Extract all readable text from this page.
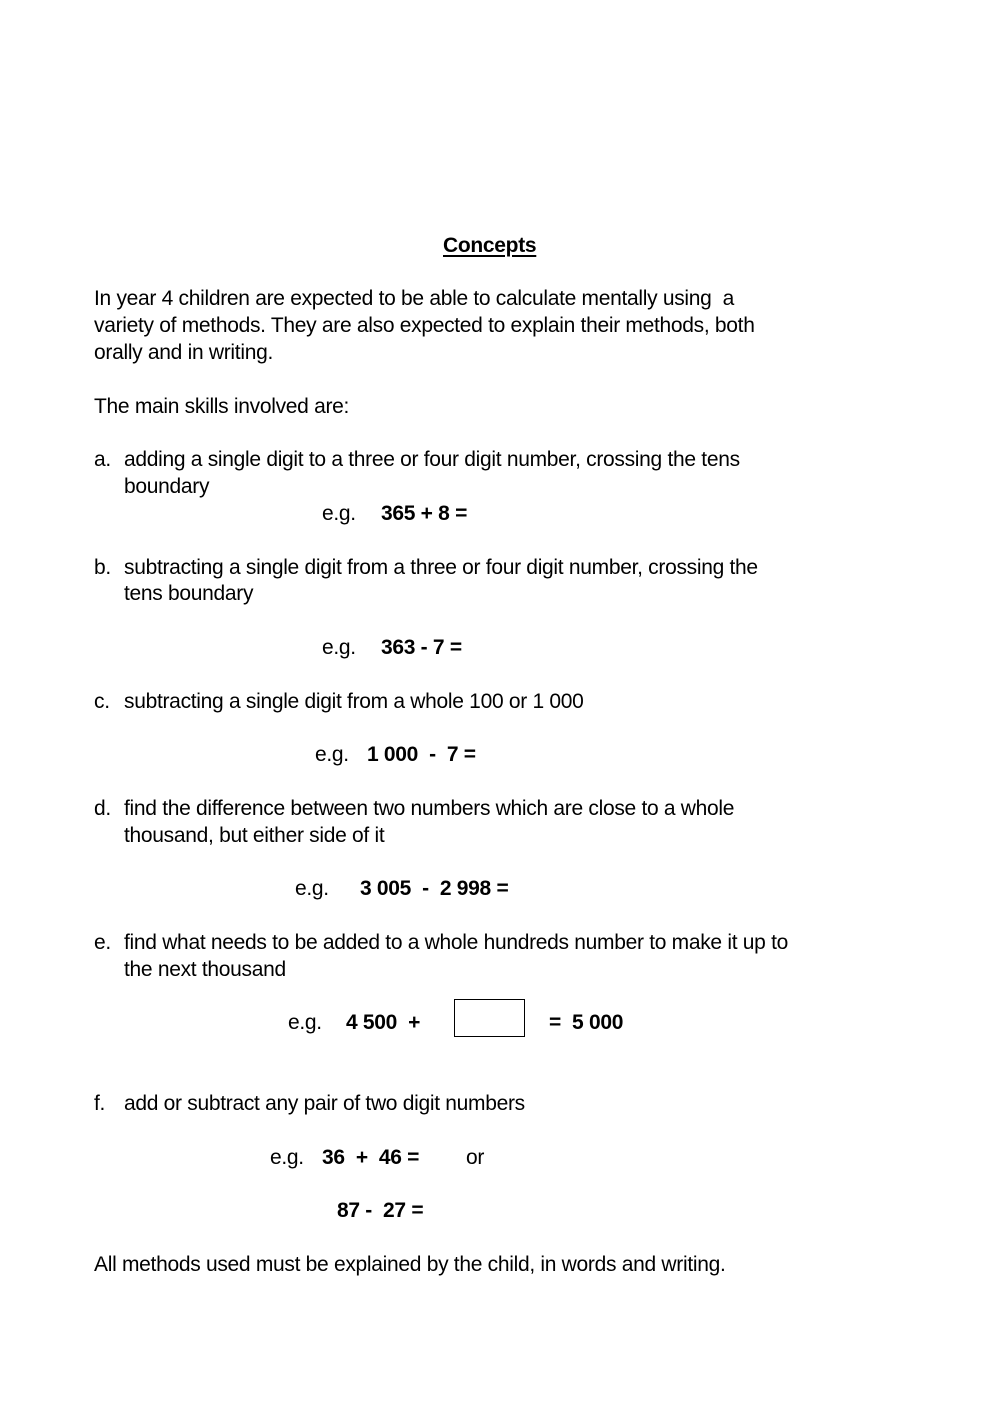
Concepts
In year 4 children are expected to be able to calculate mentally using  a
variety of methods. They are also expected to explain their methods, both
orally and in writing.
The main skills involved are:
a. adding a single digit to a three or four digit number, crossing the tens
boundary
e.g. 365 + 8 =
b. subtracting a single digit from a three or four digit number, crossing the
tens boundary
e.g. 363 - 7 =
c. subtracting a single digit from a whole 100 or 1 000
e.g. 1 000  -  7 =
d. find the difference between two numbers which are close to a whole
thousand, but either side of it
e.g. 3 005  -  2 998 =
e. find what needs to be added to a whole hundreds number to make it up to
the next thousand
e.g. 4 500  +	=  5 000
f. add or subtract any pair of two digit numbers
e.g. 36  +  46 = or
87 -  27 =
All methods used must be explained by the child, in words and writing.
